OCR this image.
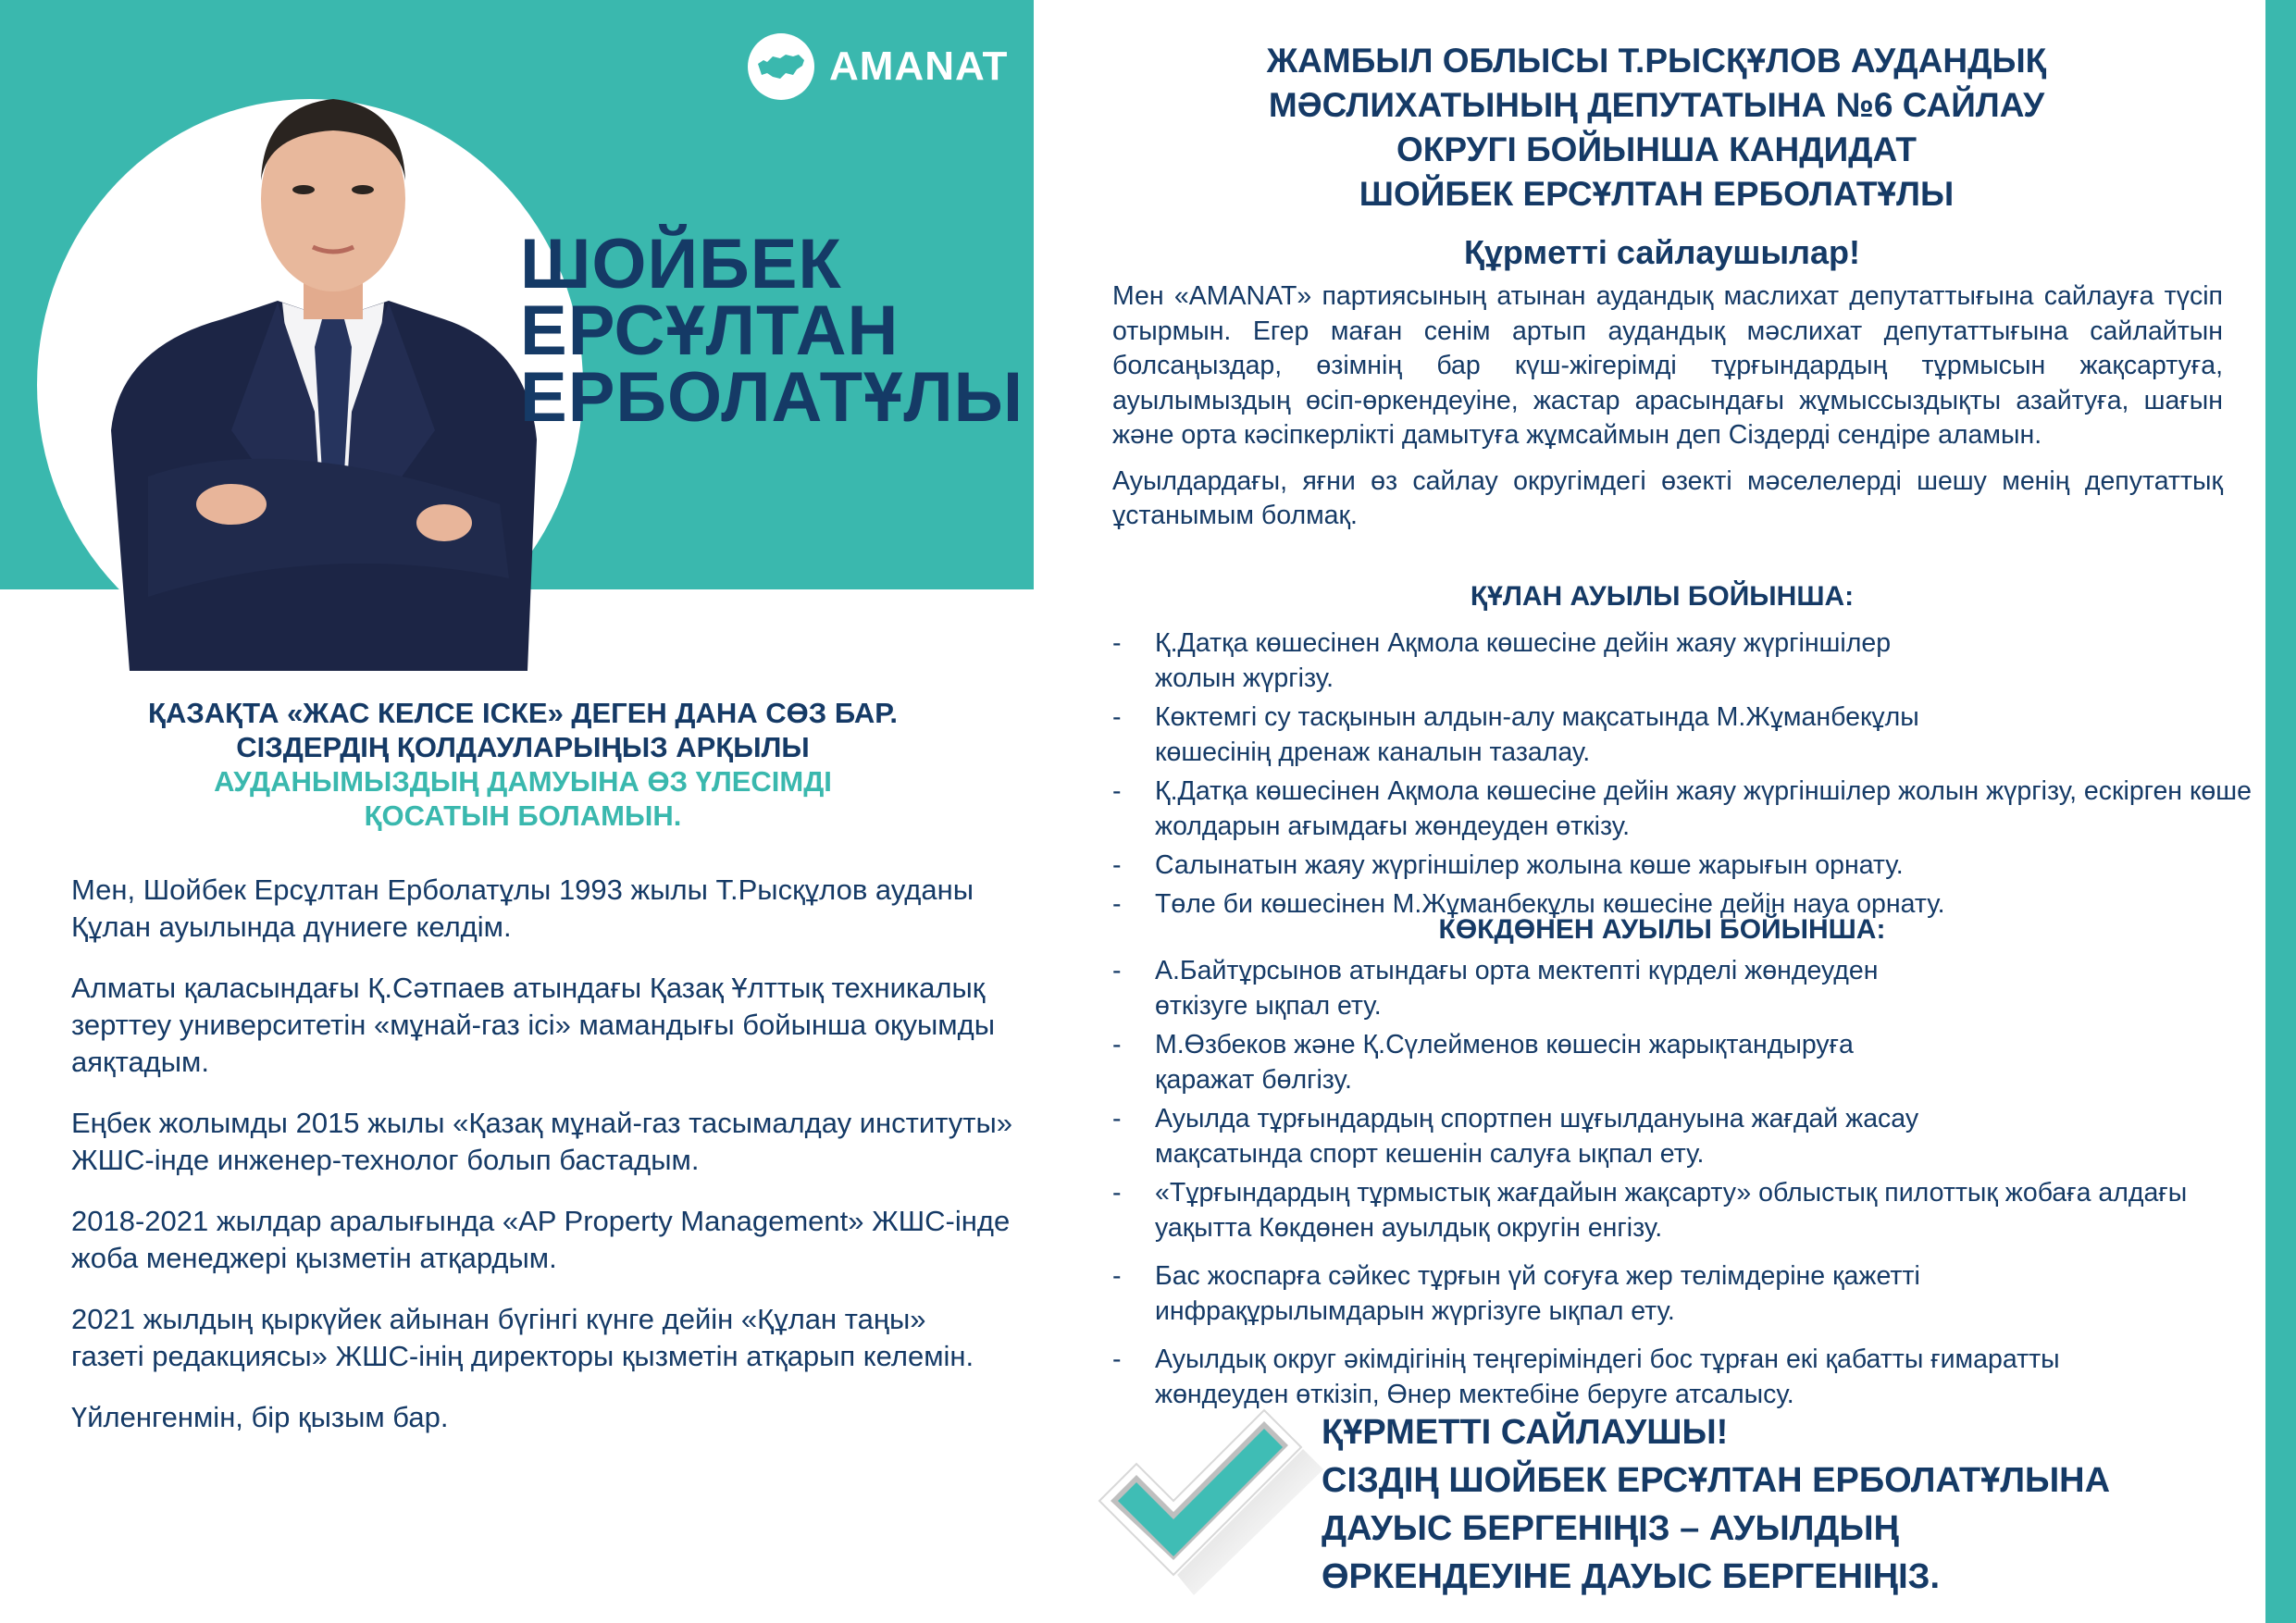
AMANAT
ШОЙБЕК
ЕРСҰЛТАН
ЕРБОЛАТҰЛЫ
ҚАЗАҚТА «ЖАС КЕЛСЕ ІСКЕ» ДЕГЕН ДАНА СӨЗ БАР.
СІЗДЕРДІҢ ҚОЛДАУЛАРЫҢЫЗ АРҚЫЛЫ
АУДАНЫМЫЗДЫҢ ДАМУЫНА ӨЗ ҮЛЕСІМДІ
ҚОСАТЫН БОЛАМЫН.

Мен, Шойбек Ерсұлтан Ерболатұлы 1993 жылы Т.Рысқұлов ауданы Құлан ауылында дүниеге келдім.

Алматы қаласындағы Қ.Сәтпаев атындағы Қазақ Ұлттық техникалық зерттеу университетін «мұнай-газ ісі» мамандығы бойынша оқуымды аяқтадым.

Еңбек жолымды 2015 жылы «Қазақ мұнай-газ тасымалдау институты» ЖШС-інде инженер-технолог болып бастадым.

2018-2021 жылдар аралығында «AP Property Management» ЖШС-інде жоба менеджері қызметін атқардым.

2021 жылдың қыркүйек айынан бүгінгі күнге дейін «Құлан таңы» газеті редакциясы» ЖШС-інің директоры қызметін атқарып келемін.

Үйленгенмін, бір қызым бар.

ЖАМБЫЛ ОБЛЫСЫ Т.РЫСҚҰЛОВ АУДАНДЫҚ
МӘСЛИХАТЫНЫҢ ДЕПУТАТЫНА №6 САЙЛАУ
ОКРУГІ БОЙЫНША КАНДИДАТ
ШОЙБЕК ЕРСҰЛТАН ЕРБОЛАТҰЛЫ
Құрметті сайлаушылар!

Мен «AMANAT» партиясының атынан аудандық маслихат депутаттығына сайлауға түсіп отырмын. Егер маған сенім артып аудандық мәслихат депутаттығына сайлайтын болсаңыздар, өзімнің бар күш-жігерімді тұрғындардың тұрмысын жақсартуға, ауылымыздың өсіп-өркендеуіне, жастар арасындағы жұмыссыздықты азайтуға, шағын және орта кәсіпкерлікті дамытуға жұмсаймын деп Сіздерді сендіре аламын.

Ауылдардағы, яғни өз сайлау округімдегі өзекті мәселелерді шешу менің депутаттық ұстанымым болмақ.

ҚҰЛАН АУЫЛЫ БОЙЫНША:
- Қ.Датқа көшесінен Ақмола көшесіне дейін жаяу жүргіншілер жолын жүргізу.
- Көктемгі су тасқынын алдын-алу мақсатында М.Жұманбекұлы көшесінің дренаж каналын тазалау.
- Қ.Датқа көшесінен Ақмола көшесіне дейін жаяу жүргіншілер жолын жүргізу, ескірген көше жолдарын ағымдағы жөндеуден өткізу.
- Салынатын жаяу жүргіншілер жолына көше жарығын орнату.
- Төле би көшесінен М.Жұманбекұлы көшесіне дейін науа орнату.
КӨКДӨНЕН АУЫЛЫ БОЙЫНША:
- А.Байтұрсынов атындағы орта мектепті күрделі жөндеуден өткізуге ықпал ету.
- М.Өзбеков және Қ.Сүлейменов көшесін жарықтандыруға қаражат бөлгізу.
- Ауылда тұрғындардың спортпен шұғылдануына жағдай жасау мақсатында спорт кешенін салуға ықпал ету.
- «Тұрғындардың тұрмыстық жағдайын жақсарту» облыстық пилоттық жобаға алдағы уақытта Көкдөнен ауылдық округін енгізу.
- Бас жоспарға сәйкес тұрғын үй соғуға жер телімдеріне қажетті инфрақұрылымдарын жүргізуге ықпал ету.
- Ауылдық округ әкімдігінің теңгеріміндегі бос тұрған екі қабатты ғимаратты жөндеуден өткізіп, Өнер мектебіне беруге атсалысу.
ҚҰРМЕТТІ САЙЛАУШЫ!
СІЗДІҢ ШОЙБЕК ЕРСҰЛТАН ЕРБОЛАТҰЛЫНА
ДАУЫС БЕРГЕНІҢІЗ – АУЫЛДЫҢ
ӨРКЕНДЕУІНЕ ДАУЫС БЕРГЕНІҢІЗ.
